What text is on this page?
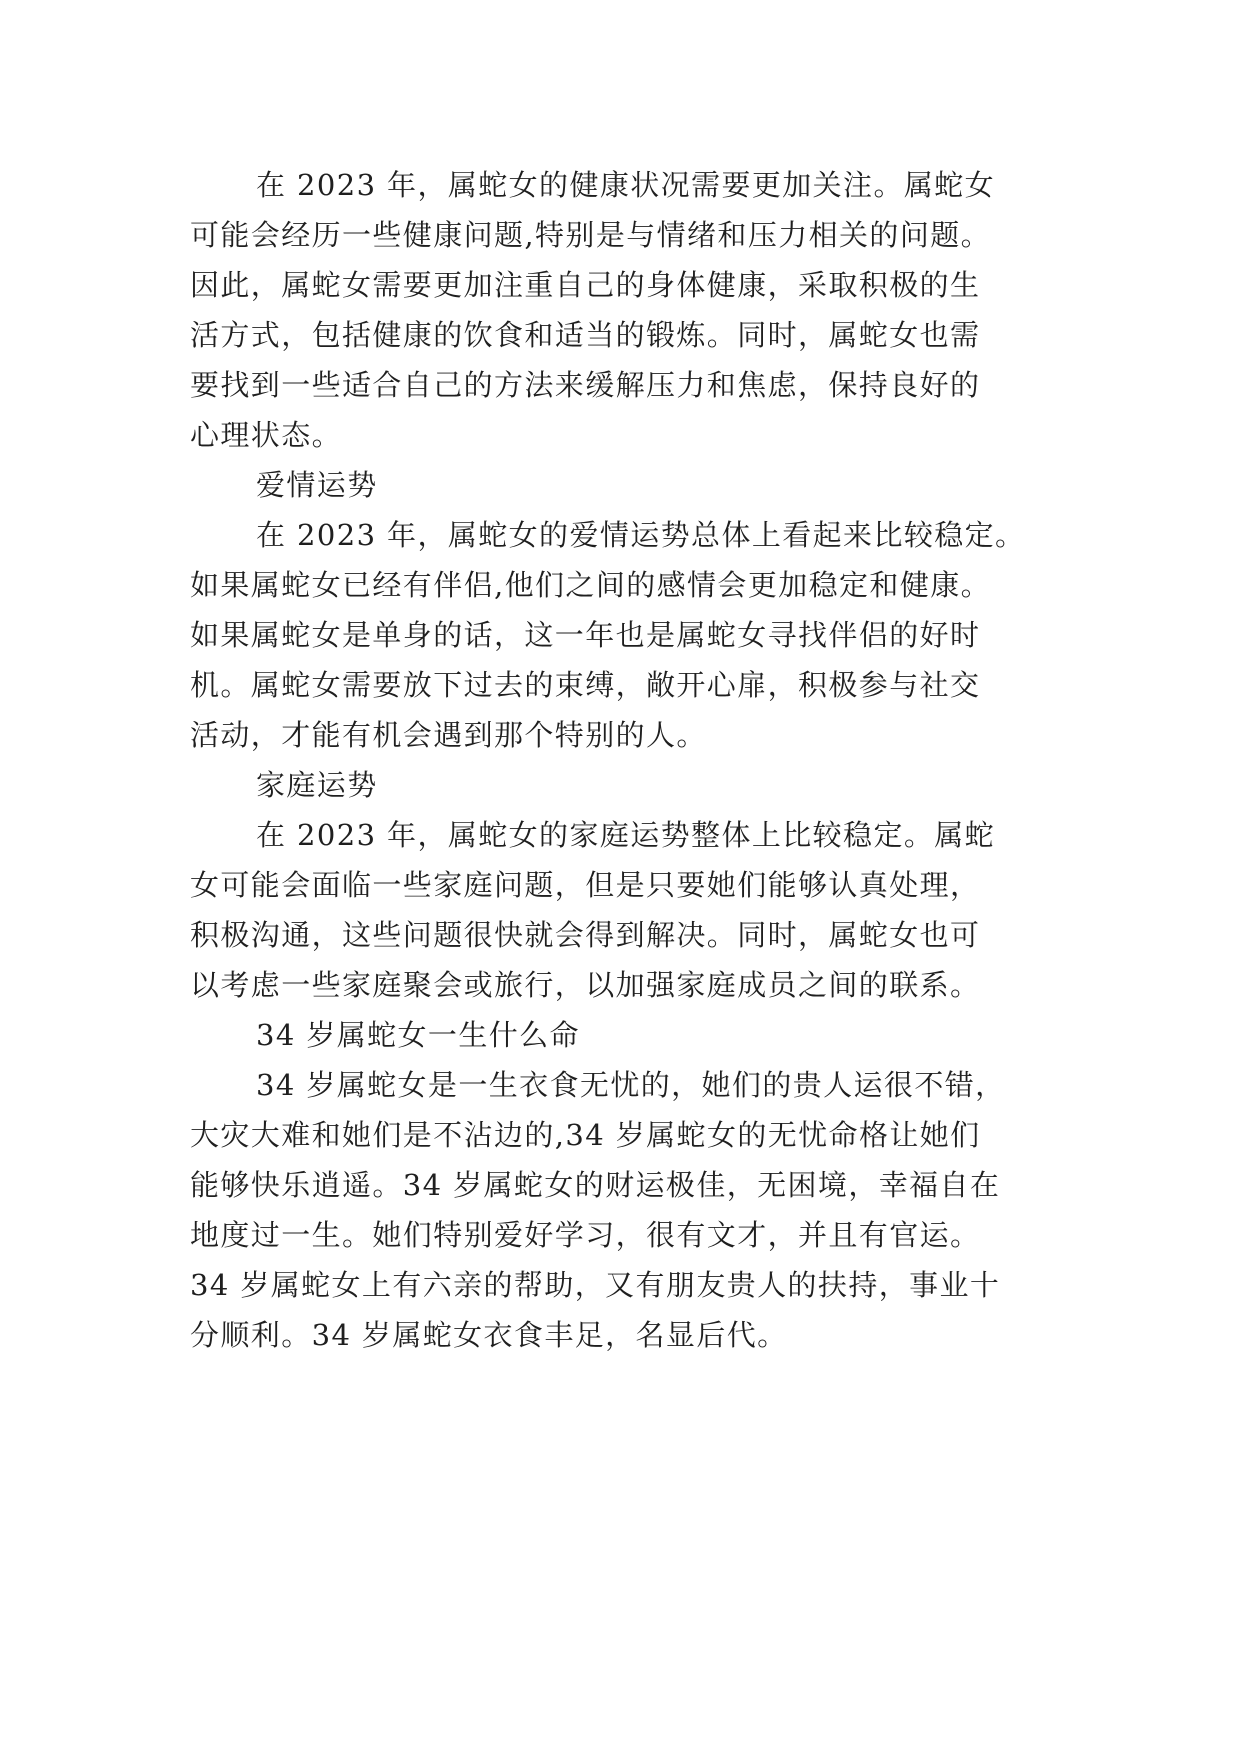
在 2023 年，属蛇女的健康状况需要更加关注。属蛇女
可能会经历一些健康问题,特别是与情绪和压力相关的问题。
因此，属蛇女需要更加注重自己的身体健康，采取积极的生
活方式，包括健康的饮食和适当的锻炼。同时，属蛇女也需
要找到一些适合自己的方法来缓解压力和焦虑，保持良好的
心理状态。
爱情运势
在 2023 年，属蛇女的爱情运势总体上看起来比较稳定。
如果属蛇女已经有伴侣,他们之间的感情会更加稳定和健康。
如果属蛇女是单身的话，这一年也是属蛇女寻找伴侣的好时
机。属蛇女需要放下过去的束缚，敞开心扉，积极参与社交
活动，才能有机会遇到那个特别的人。
家庭运势
在 2023 年，属蛇女的家庭运势整体上比较稳定。属蛇
女可能会面临一些家庭问题，但是只要她们能够认真处理，
积极沟通，这些问题很快就会得到解决。同时，属蛇女也可
以考虑一些家庭聚会或旅行，以加强家庭成员之间的联系。
34 岁属蛇女一生什么命
34 岁属蛇女是一生衣食无忧的，她们的贵人运很不错，
大灾大难和她们是不沾边的,34 岁属蛇女的无忧命格让她们
能够快乐逍遥。34 岁属蛇女的财运极佳，无困境，幸福自在
地度过一生。她们特别爱好学习，很有文才，并且有官运。
34 岁属蛇女上有六亲的帮助，又有朋友贵人的扶持，事业十
分顺利。34 岁属蛇女衣食丰足，名显后代。
